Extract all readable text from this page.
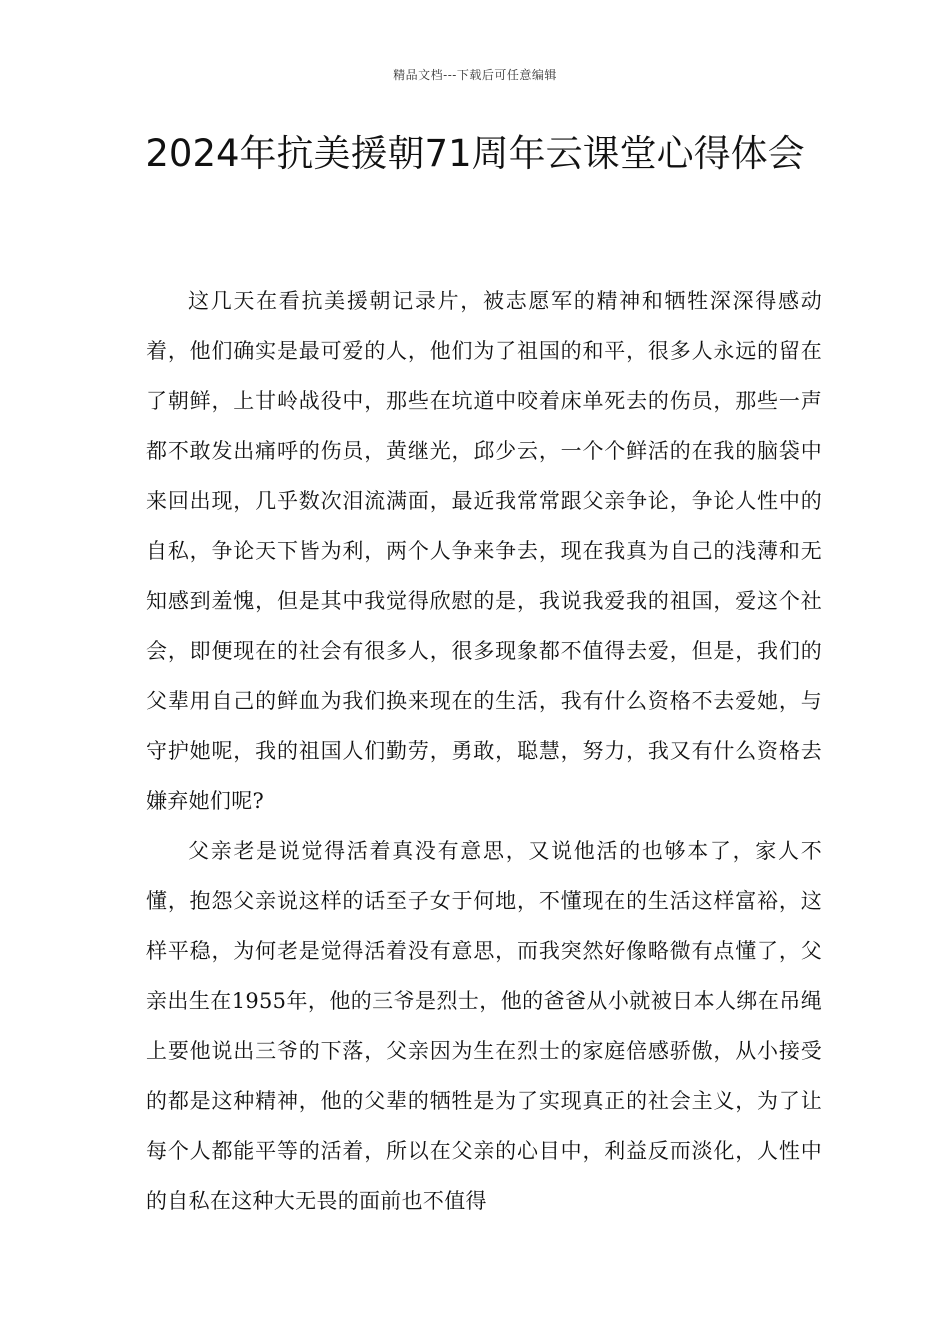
精品文档---下载后可任意编辑
2024年抗美援朝71周年云课堂心得体会

这几天在看抗美援朝记录片，被志愿军的精神和牺牲深深得感动着，他们确实是最可爱的人，他们为了祖国的和平，很多人永远的留在了朝鲜，上甘岭战役中，那些在坑道中咬着床单死去的伤员，那些一声都不敢发出痛呼的伤员，黄继光，邱少云，一个个鲜活的在我的脑袋中来回出现，几乎数次泪流满面，最近我常常跟父亲争论，争论人性中的自私，争论天下皆为利，两个人争来争去，现在我真为自己的浅薄和无知感到羞愧，但是其中我觉得欣慰的是，我说我爱我的祖国，爱这个社会，即便现在的社会有很多人，很多现象都不值得去爱，但是，我们的父辈用自己的鲜血为我们换来现在的生活，我有什么资格不去爱她，与守护她呢，我的祖国人们勤劳，勇敢，聪慧，努力，我又有什么资格去嫌弃她们呢?

父亲老是说觉得活着真没有意思，又说他活的也够本了，家人不懂，抱怨父亲说这样的话至子女于何地，不懂现在的生活这样富裕，这样平稳，为何老是觉得活着没有意思，而我突然好像略微有点懂了，父亲出生在1955年，他的三爷是烈士，他的爸爸从小就被日本人绑在吊绳上要他说出三爷的下落，父亲因为生在烈士的家庭倍感骄傲，从小接受的都是这种精神，他的父辈的牺牲是为了实现真正的社会主义，为了让每个人都能平等的活着，所以在父亲的心目中，利益反而淡化，人性中的自私在这种大无畏的面前也不值得
